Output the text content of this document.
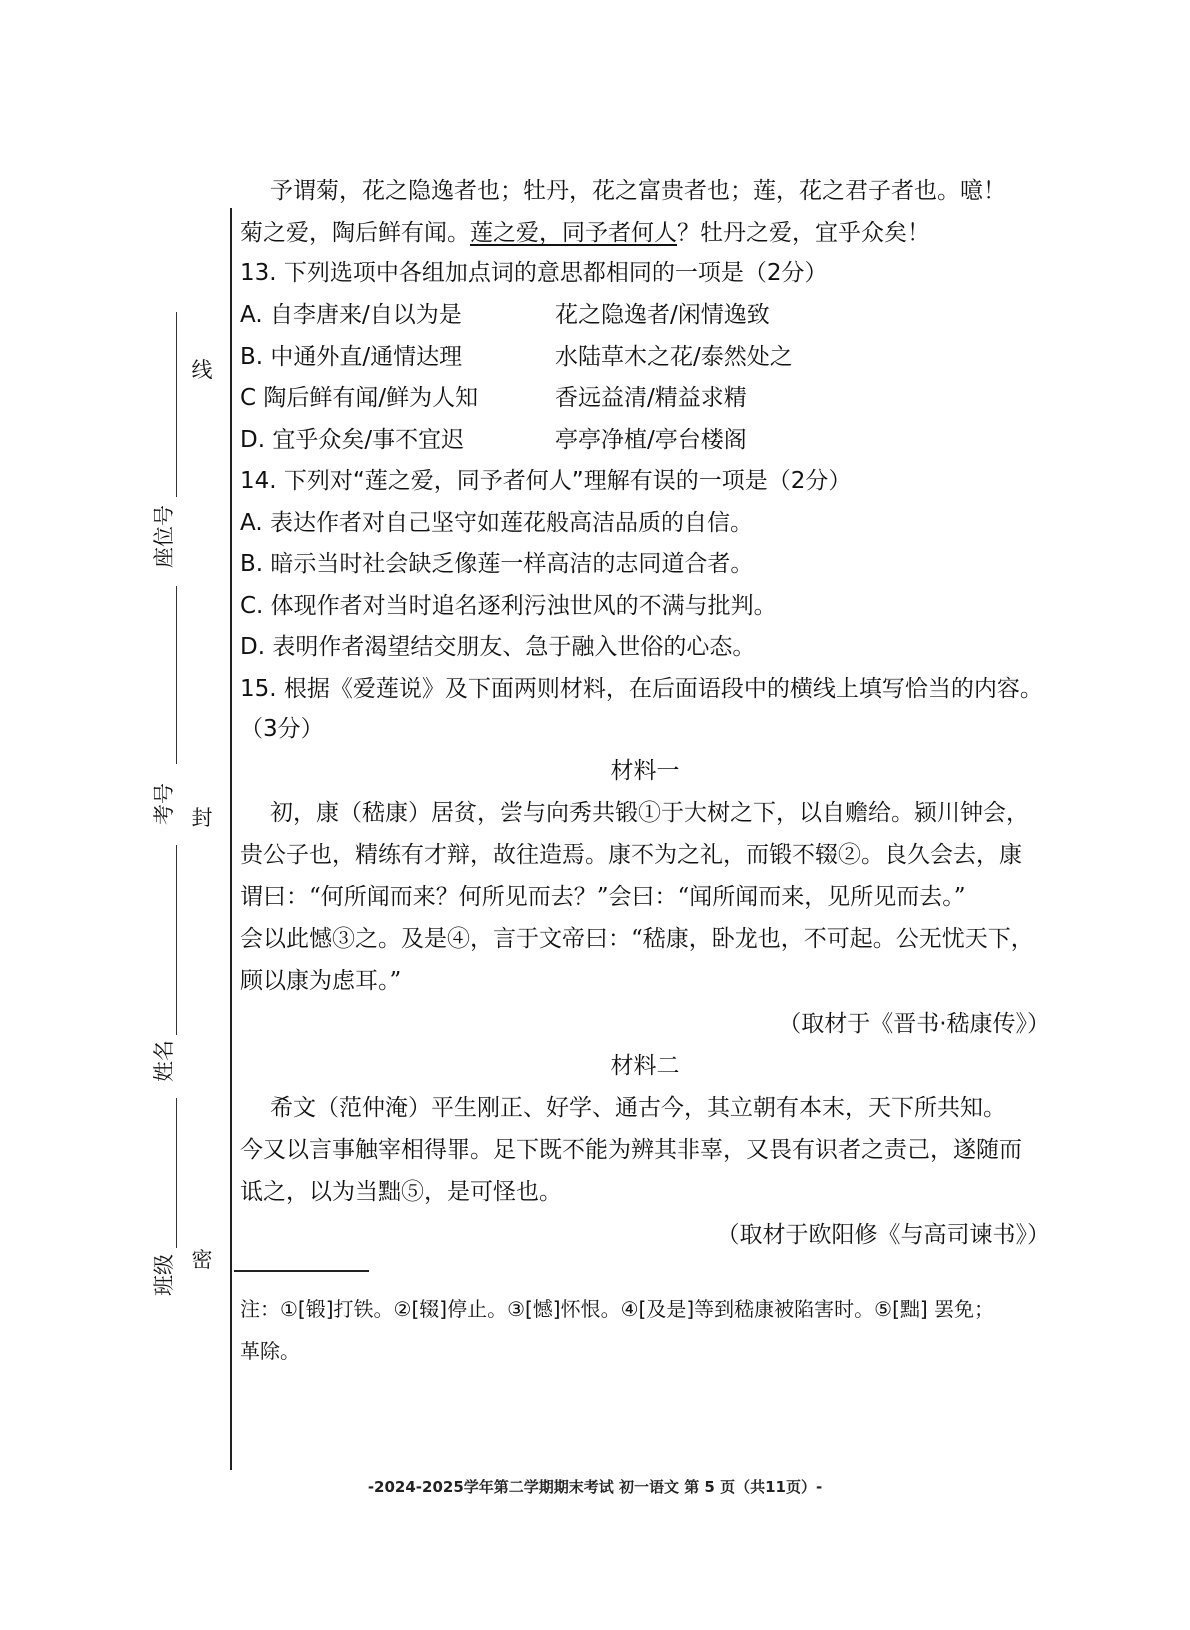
线
封
密
座位号
考号
姓名
班级
予谓菊，花之隐逸者也；牡丹，花之富贵者也；莲，花之君子者也。噫！
菊之爱，陶后鲜有闻。莲之爱，同予者何人？牡丹之爱，宜乎众矣！
13. 下列选项中各组加点词的意思都相同的一项是（2分）
A. 自李唐来/自以为是	花之隐逸者/闲情逸致
B. 中通外直/通情达理	水陆草木之花/泰然处之
C 陶后鲜有闻/鲜为人知	香远益清/精益求精
D. 宜乎众矣/事不宜迟	亭亭净植/亭台楼阁
14. 下列对“莲之爱，同予者何人”理解有误的一项是（2分）
A. 表达作者对自己坚守如莲花般高洁品质的自信。
B. 暗示当时社会缺乏像莲一样高洁的志同道合者。
C. 体现作者对当时追名逐利污浊世风的不满与批判。
D. 表明作者渴望结交朋友、急于融入世俗的心态。
15. 根据《爱莲说》及下面两则材料，在后面语段中的横线上填写恰当的内容。
（3分）
材料一
初，康（嵇康）居贫，尝与向秀共锻①于大树之下，以自赡给。颍川钟会，
贵公子也，精练有才辩，故往造焉。康不为之礼，而锻不辍②。良久会去，康
谓曰：“何所闻而来？何所见而去？”会曰：“闻所闻而来，见所见而去。”
会以此憾③之。及是④，言于文帝曰：“嵇康，卧龙也，不可起。公无忧天下，
顾以康为虑耳。”
（取材于《晋书·嵇康传》）
材料二
希文（范仲淹）平生刚正、好学、通古今，其立朝有本末，天下所共知。
今又以言事触宰相得罪。足下既不能为辨其非辜，又畏有识者之责己，遂随而
诋之，以为当黜⑤，是可怪也。
（取材于欧阳修《与高司谏书》）
注：①[锻]打铁。②[辍]停止。③[憾]怀恨。④[及是]等到嵇康被陷害时。⑤[黜] 罢免；
革除。
-2024-2025学年第二学期期末考试 初一语文 第 5 页（共11页）-
